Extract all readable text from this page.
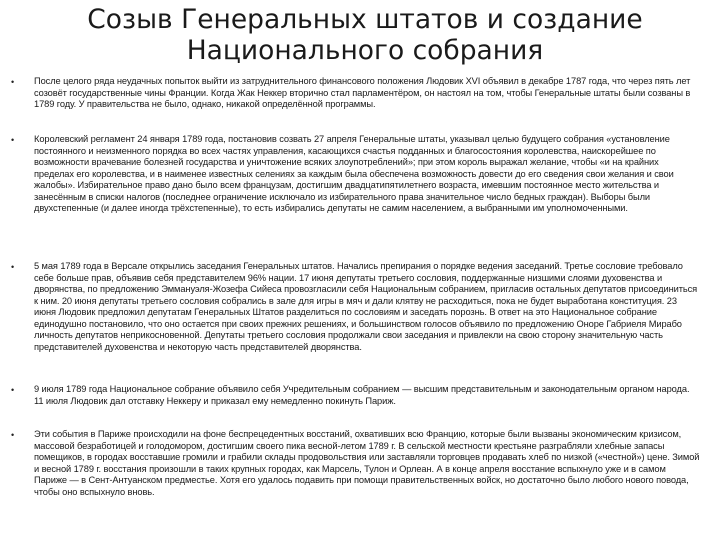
Созыв Генеральных штатов и создание Национального собрания
• После целого ряда неудачных попыток выйти из затруднительного финансового положения Людовик XVI объявил в декабре 1787 года, что через пять лет созовёт государственные чины Франции. Когда Жак Неккер вторично стал парламентёром, он настоял на том, чтобы Генеральные штаты были созваны в 1789 году. У правительства не было, однако, никакой определённой программы.

• Королевский регламент 24 января 1789 года, постановив созвать 27 апреля Генеральные штаты, указывал целью будущего собрания «установление постоянного и неизменного порядка во всех частях управления, касающихся счастья подданных и благосостояния королевства, наискорейшее по возможности врачевание болезней государства и уничтожение всяких злоупотреблений»; при этом король выражал желание, чтобы «и на крайних пределах его королевства, и в наименее известных селениях за каждым была обеспечена возможность довести до его сведения свои желания и свои жалобы». Избирательное право дано было всем французам, достигшим двадцатипятилетнего возраста, имевшим постоянное место жительства и занесённым в списки налогов (последнее ограничение исключало из избирательного права значительное число бедных граждан). Выборы были двухстепенные (и далее иногда трёхстепенные), то есть избирались депутаты не самим населением, а выбранными им уполномоченными.

• 5 мая 1789 года в Версале открылись заседания Генеральных штатов. Начались препирания о порядке ведения заседаний. Третье сословие требовало себе больше прав, объявив себя представителем 96% нации. 17 июня депутаты третьего сословия, поддержанные низшими слоями духовенства и дворянства, по предложению Эммануэля-Жозефа Сийеса провозгласили себя Национальным собранием, пригласив остальных депутатов присоединиться к ним. 20 июня депутаты третьего сословия собрались в зале для игры в мяч и дали клятву не расходиться, пока не будет выработана конституция. 23 июня Людовик предложил депутатам Генеральных Штатов разделиться по сословиям и заседать порознь. В ответ на это Национальное собрание единодушно постановило, что оно остается при своих прежних решениях, и большинством голосов объявило по предложению Оноре Габриеля Мирабо личность депутатов неприкосновенной. Депутаты третьего сословия продолжали свои заседания и привлекли на свою сторону значительную часть представителей духовенства и некоторую часть представителей дворянства.

• 9 июля 1789 года Национальное собрание объявило себя Учредительным собранием — высшим представительным и законодательным органом народа. 11 июля Людовик дал отставку Неккеру и приказал ему немедленно покинуть Париж.

• Эти события в Париже происходили на фоне беспрецедентных восстаний, охвативших всю Францию, которые были вызваны экономическим кризисом, массовой безработицей и голодомором, достигшим своего пика весной-летом 1789 г. В сельской местности крестьяне разграбляли хлебные запасы помещиков, в городах восставшие громили и грабили склады продовольствия или заставляли торговцев продавать хлеб по низкой («честной») цене. Зимой и весной 1789 г. восстания произошли в таких крупных городах, как Марсель, Тулон и Орлеан. А в конце апреля восстание вспыхнуло уже и в самом Париже — в Сент-Антуанском предместье. Хотя его удалось подавить при помощи правительственных войск, но достаточно было любого нового повода, чтобы оно вспыхнуло вновь.
